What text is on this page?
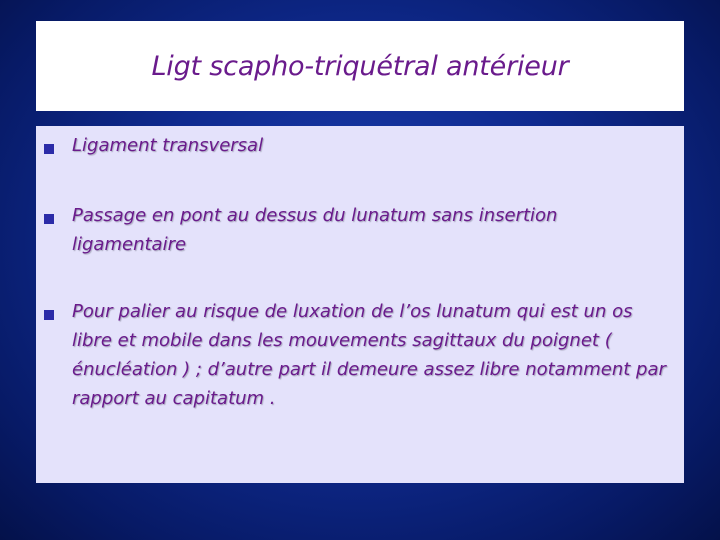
Ligt scapho-triquétral antérieur
Ligament transversal
Passage en pont au dessus du lunatum sans insertion ligamentaire
Pour palier au risque de luxation de l’os lunatum qui est un os libre et mobile dans les mouvements sagittaux du poignet ( énucléation ) ; d’autre part il demeure assez libre notamment par rapport au capitatum .
